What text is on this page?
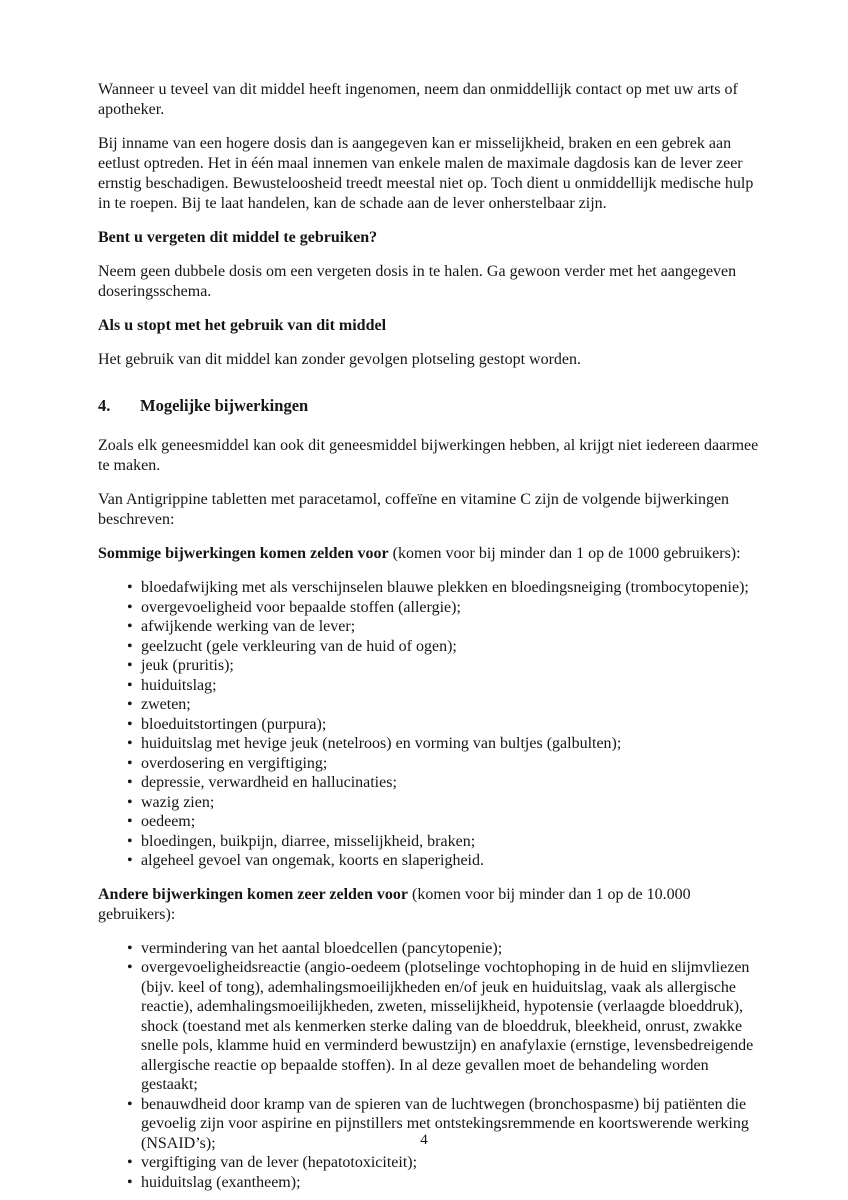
Wanneer u teveel van dit middel heeft ingenomen, neem dan onmiddellijk contact op met uw arts of apotheker.

Bij inname van een hogere dosis dan is aangegeven kan er misselijkheid, braken en een gebrek aan eetlust optreden. Het in één maal innemen van enkele malen de maximale dagdosis kan de lever zeer ernstig beschadigen. Bewusteloosheid treedt meestal niet op. Toch dient u onmiddellijk medische hulp in te roepen. Bij te laat handelen, kan de schade aan de lever onherstelbaar zijn.

Bent u vergeten dit middel te gebruiken?

Neem geen dubbele dosis om een vergeten dosis in te halen. Ga gewoon verder met het aangegeven doseringsschema.

Als u stopt met het gebruik van dit middel

Het gebruik van dit middel kan zonder gevolgen plotseling gestopt worden.

4. Mogelijke bijwerkingen

Zoals elk geneesmiddel kan ook dit geneesmiddel bijwerkingen hebben, al krijgt niet iedereen daarmee te maken.

Van Antigrippine tabletten met paracetamol, coffeïne en vitamine C zijn de volgende bijwerkingen beschreven:

Sommige bijwerkingen komen zelden voor (komen voor bij minder dan 1 op de 1000 gebruikers):

• bloedafwijking met als verschijnselen blauwe plekken en bloedingsneiging (trombocytopenie);
• overgevoeligheid voor bepaalde stoffen (allergie);
• afwijkende werking van de lever;
• geelzucht (gele verkleuring van de huid of ogen);
• jeuk (pruritis);
• huiduitslag;
• zweten;
• bloeduitstortingen (purpura);
• huiduitslag met hevige jeuk (netelroos) en vorming van bultjes (galbulten);
• overdosering en vergiftiging;
• depressie, verwardheid en hallucinaties;
• wazig zien;
• oedeem;
• bloedingen, buikpijn, diarree, misselijkheid, braken;
• algeheel gevoel van ongemak, koorts en slaperigheid.

Andere bijwerkingen komen zeer zelden voor (komen voor bij minder dan 1 op de 10.000 gebruikers):

• vermindering van het aantal bloedcellen (pancytopenie);
• overgevoeligheidsreactie (angio-oedeem (plotselinge vochtophoping in de huid en slijmvliezen (bijv. keel of tong), ademhalingsmoeilijkheden en/of jeuk en huiduitslag, vaak als allergische reactie), ademhalingsmoeilijkheden, zweten, misselijkheid, hypotensie (verlaagde bloeddruk), shock (toestand met als kenmerken sterke daling van de bloeddruk, bleekheid, onrust, zwakke snelle pols, klamme huid en verminderd bewustzijn) en anafylaxie (ernstige, levensbedreigende allergische reactie op bepaalde stoffen). In al deze gevallen moet de behandeling worden gestaakt;
• benauwdheid door kramp van de spieren van de luchtwegen (bronchospasme) bij patiënten die gevoelig zijn voor aspirine en pijnstillers met ontstekingsremmende en koortswerende werking (NSAID’s);
• vergiftiging van de lever (hepatotoxiciteit);
• huiduitslag (exantheem);
4
